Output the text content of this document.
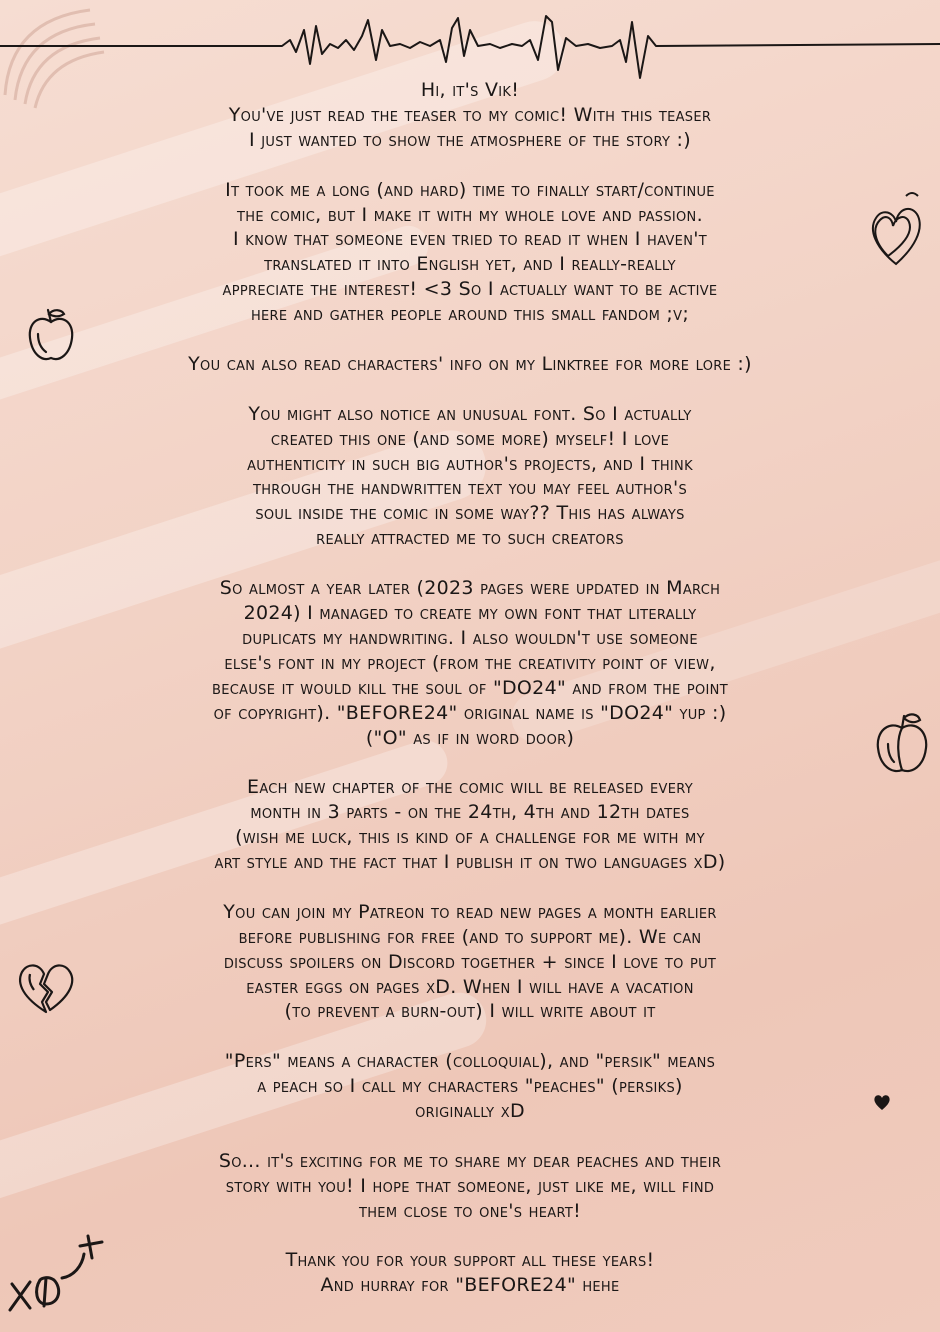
Hi, it's Vik!
You've just read the teaser to my comic! With this teaser
I just wanted to show the atmosphere of the story :)
It took me a long (and hard) time to finally start/continue
the comic, but I make it with my whole love and passion.
I know that someone even tried to read it when I haven't
translated it into English yet, and I really-really
appreciate the interest! <3 So I actually want to be active
here and gather people around this small fandom ;v;
You can also read characters' info on my Linktree for more lore :)
You might also notice an unusual font. So I actually
created this one (and some more) myself! I love
authenticity in such big author's projects, and I think
through the handwritten text you may feel author's
soul inside the comic in some way?? This has always
really attracted me to such creators
So almost a year later (2023 pages were updated in March
2024) I managed to create my own font that literally
duplicats my handwriting. I also wouldn't use someone
else's font in my project (from the creativity point of view,
because it would kill the soul of "DO24" and from the point
of copyright). "BEFORE24" original name is "DO24" yup :)
("O" as if in word door)
Each new chapter of the comic will be released every
month in 3 parts - on the 24th, 4th and 12th dates
(wish me luck, this is kind of a challenge for me with my
art style and the fact that I publish it on two languages xD)
You can join my Patreon to read new pages a month earlier
before publishing for free (and to support me). We can
discuss spoilers on Discord together + since I love to put
easter eggs on pages xD. When I will have a vacation
(to prevent a burn-out) I will write about it
"Pers" means a character (colloquial), and "persik" means
a peach so I call my characters "peaches" (persiks)
originally xD
So... it's exciting for me to share my dear peaches and their
story with you! I hope that someone, just like me, will find
them close to one's heart!
Thank you for your support all these years!
And hurray for "BEFORE24" hehe
